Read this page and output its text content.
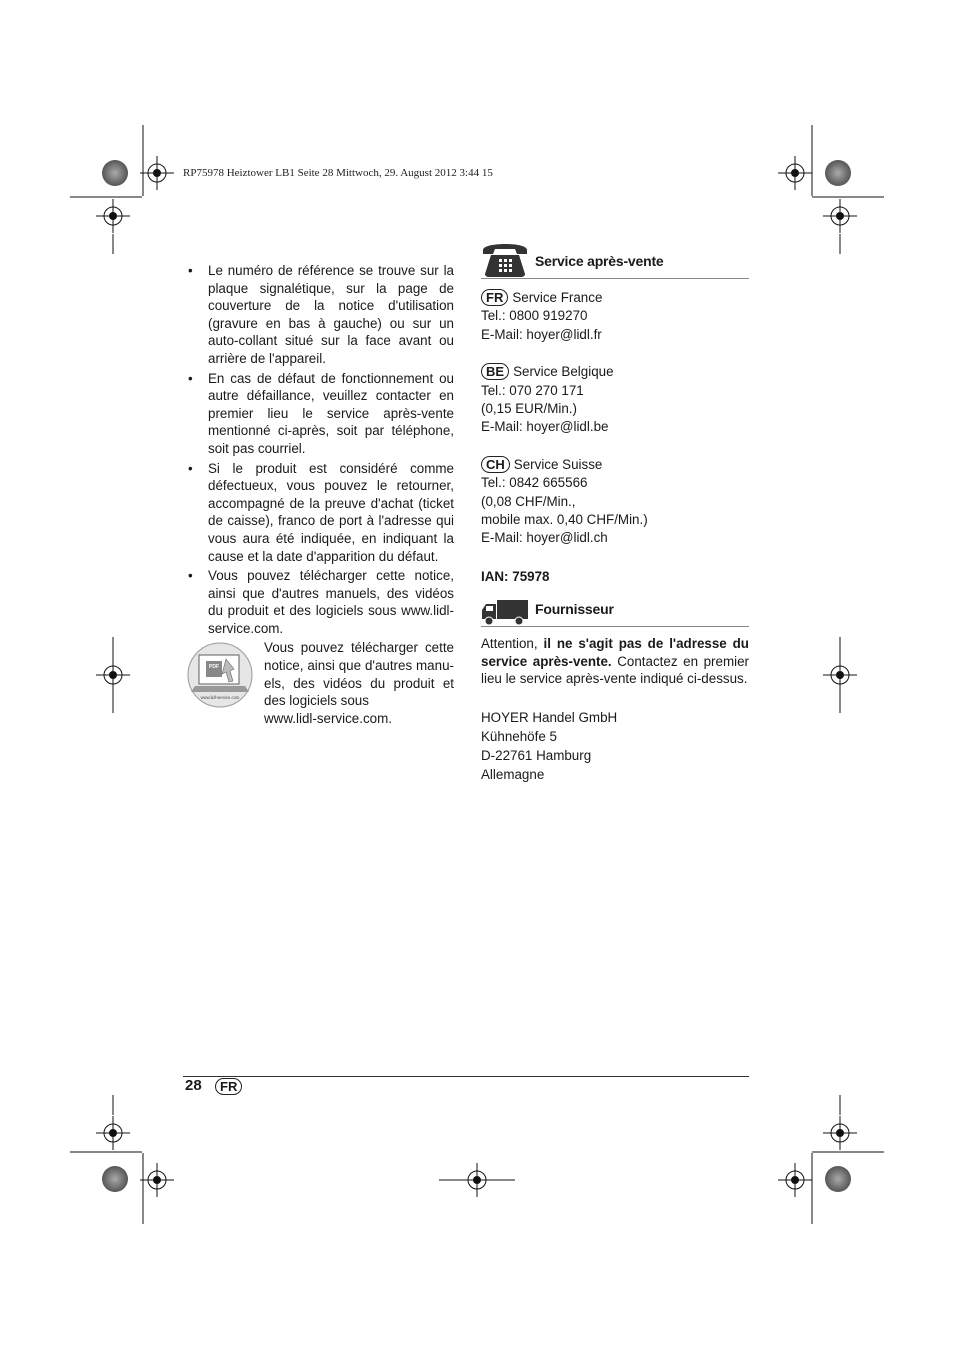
RP75978 Heiztower LB1 Seite 28 Mittwoch, 29. August 2012 3:44 15
• Le numéro de référence se trouve sur la plaque signalétique, sur la page de couverture de la notice d'utilisation (gravure en bas à gauche) ou sur un auto-collant situé sur la face avant ou arrière de l'appareil.
• En cas de défaut de fonctionnement ou autre défaillance, veuillez contacter en premier lieu le service après-vente mentionné ci-après, soit par téléphone, soit pas courriel.
• Si le produit est considéré comme défectueux, vous pouvez le retourner, accompagné de la preuve d'achat (ticket de caisse), franco de port à l'adresse qui vous aura été indiquée, en indiquant la cause et la date d'apparition du défaut.
• Vous pouvez télécharger cette notice, ainsi que d'autres manuels, des vidéos du produit et des logiciels sous www.lidl-service.com.
PDF
www.lidl-service.com
Vous pouvez télécharger cette notice, ainsi que d'autres manu-els, des vidéos du produit et des logiciels sous
www.lidl-service.com.
Service après-vente

FR Service France

Tel.: 0800 919270

E-Mail: hoyer@lidl.fr

BE Service Belgique

Tel.: 070 270 171

(0,15 EUR/Min.)

E-Mail: hoyer@lidl.be

CH Service Suisse

Tel.: 0842 665566

(0,08 CHF/Min.,

mobile max. 0,40 CHF/Min.)

E-Mail: hoyer@lidl.ch

IAN: 75978

Fournisseur

Attention, il ne s'agit pas de l'adresse du service après-vente. Contactez en premier lieu le service après-vente indiqué ci-dessus.

HOYER Handel GmbH

Kühnehöfe 5

D-22761 Hamburg

Allemagne

28	FR
